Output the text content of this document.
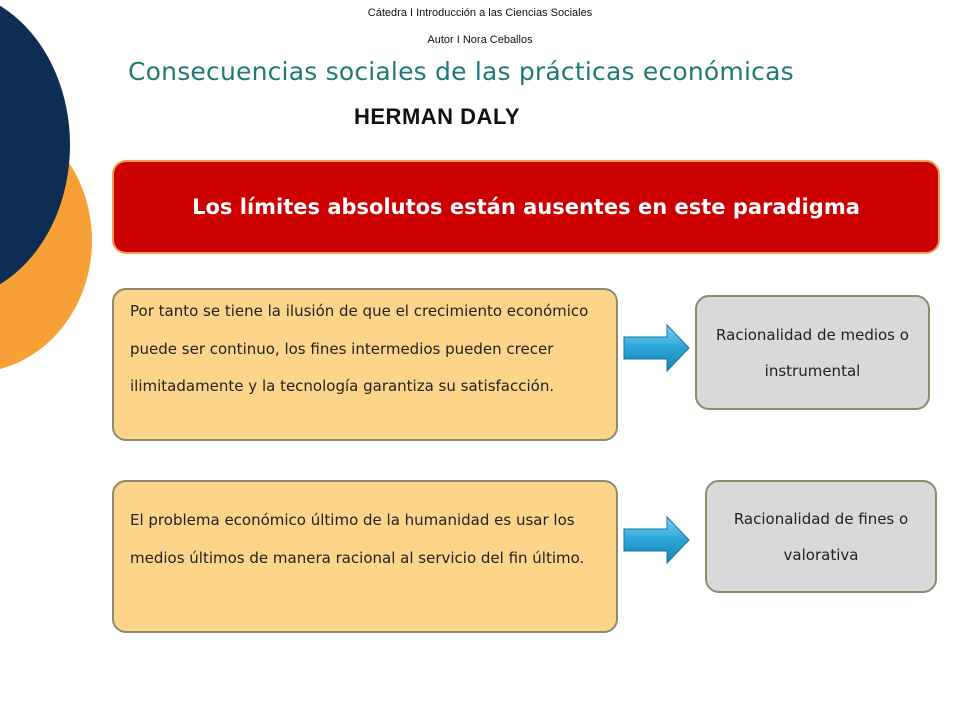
Cátedra I Introducción a las Ciencias Sociales
Autor I Nora Ceballos
Consecuencias sociales de las prácticas económicas
HERMAN DALY
Los límites absolutos están ausentes en este paradigma
Por tanto se tiene la ilusión de que el crecimiento económico puede ser continuo, los fines intermedios pueden crecer ilimitadamente y la tecnología garantiza su satisfacción.
Racionalidad de medios o instrumental
El problema económico último de la humanidad es usar los medios últimos de manera racional al servicio del fin último.
Racionalidad de fines o valorativa
